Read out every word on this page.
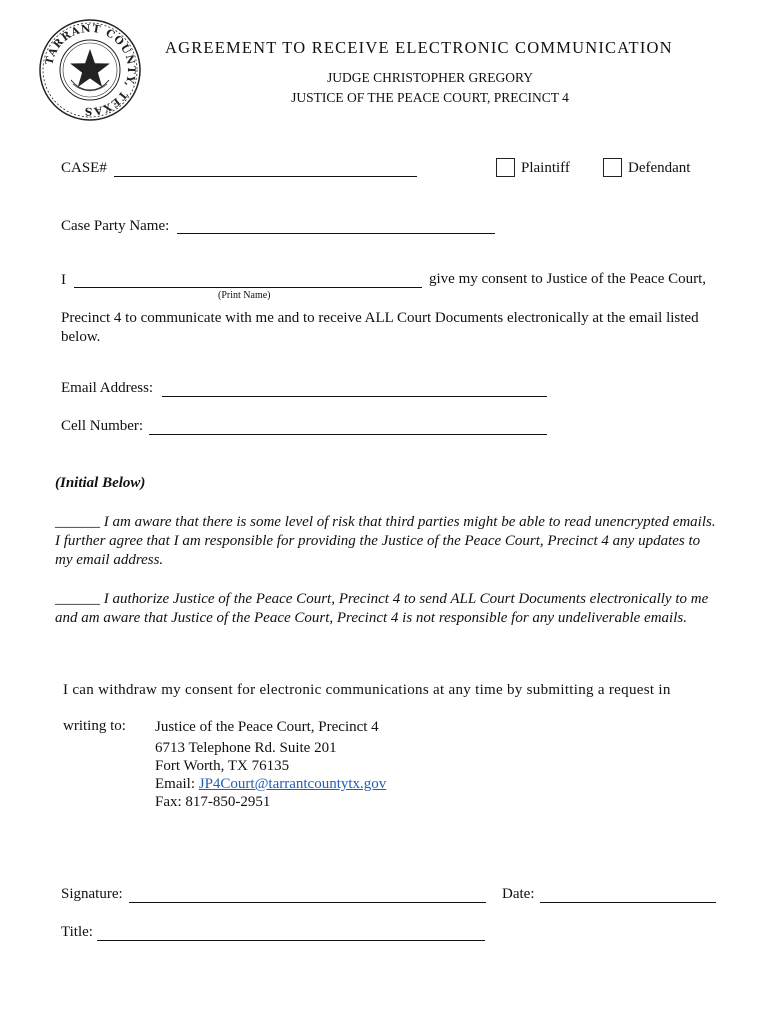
TARRANT COUNTY, TEXAS
AGREEMENT TO RECEIVE ELECTRONIC COMMUNICATION
JUDGE CHRISTOPHER GREGORY
JUSTICE OF THE PEACE COURT, PRECINCT 4
CASE#	Plaintiff	Defendant
Case Party Name:
I	give my consent to Justice of the Peace Court,
(Print Name)
Precinct 4 to communicate with me and to receive ALL Court Documents electronically at the email listed below.
Email Address:
Cell Number:
(Initial Below)
______ I am aware that there is some level of risk that third parties might be able to read unencrypted emails. I further agree that I am responsible for providing the Justice of the Peace Court, Precinct 4 any updates to my email address.
______ I authorize Justice of the Peace Court, Precinct 4 to send ALL Court Documents electronically to me and am aware that Justice of the Peace Court, Precinct 4 is not responsible for any undeliverable emails.
I can withdraw my consent for electronic communications at any time by submitting a request in
writing to: Justice of the Peace Court, Precinct 4
6713 Telephone Rd. Suite 201
Fort Worth, TX 76135
Email: JP4Court@tarrantcountytx.gov
Fax: 817-850-2951
Signature:	Date:
Title:
